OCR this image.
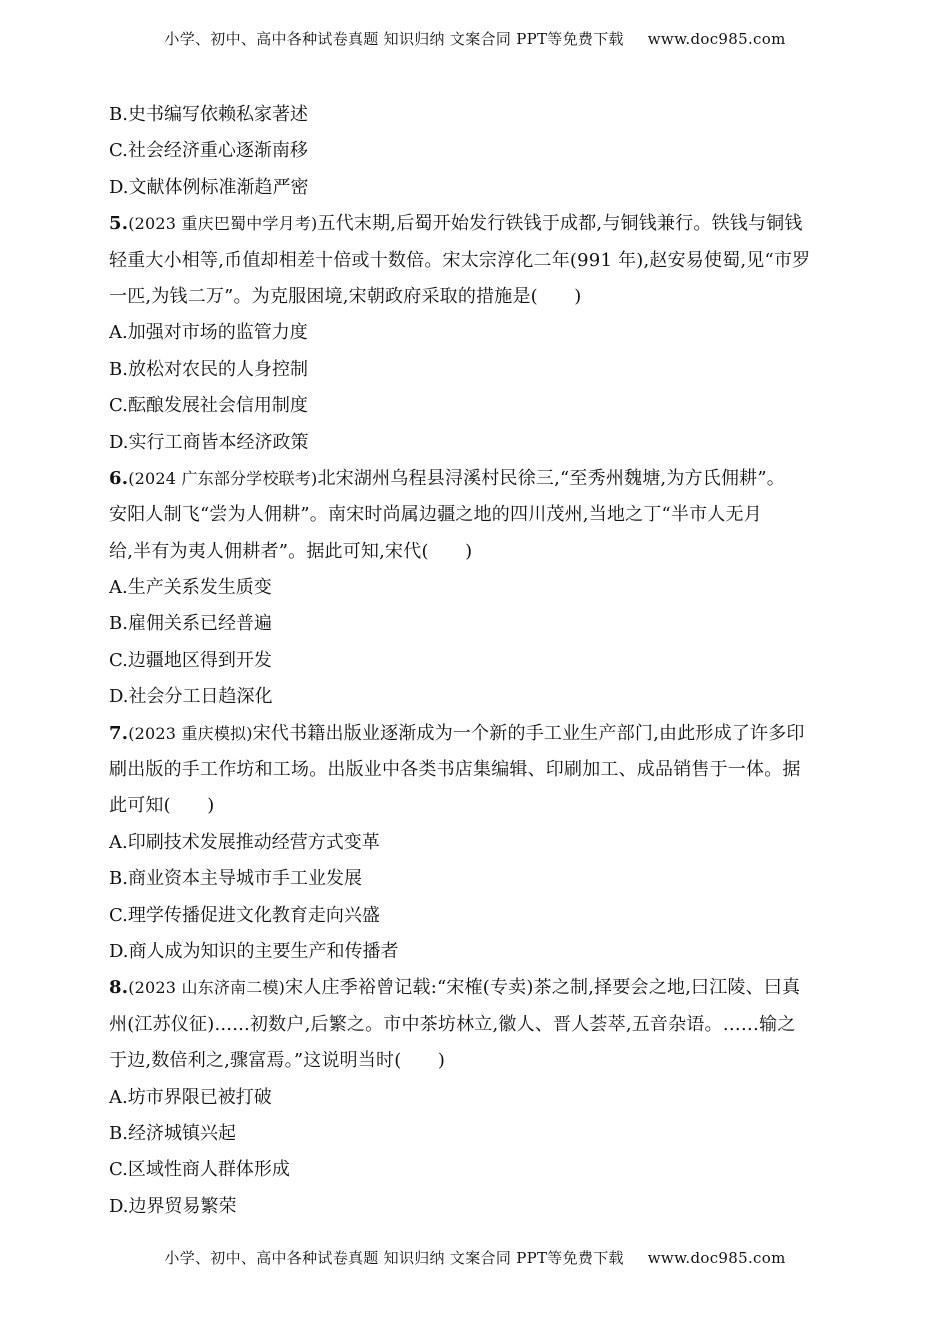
小学、初中、高中各种试卷真题 知识归纳 文案合同 PPT等免费下载 www.doc985.com
B.史书编写依赖私家著述
C.社会经济重心逐渐南移
D.文献体例标准渐趋严密
5.(2023 重庆巴蜀中学月考)五代末期,后蜀开始发行铁钱于成都,与铜钱兼行。铁钱与铜钱
轻重大小相等,币值却相差十倍或十数倍。宋太宗淳化二年(991 年),赵安易使蜀,见“市罗
一匹,为钱二万”。为克服困境,宋朝政府采取的措施是(　　)
A.加强对市场的监管力度
B.放松对农民的人身控制
C.酝酿发展社会信用制度
D.实行工商皆本经济政策
6.(2024 广东部分学校联考)北宋湖州乌程县浔溪村民徐三,“至秀州魏塘,为方氏佣耕”。
安阳人制飞“尝为人佣耕”。南宋时尚属边疆之地的四川茂州,当地之丁“半市人无月
给,半有为夷人佣耕者”。据此可知,宋代(　　)
A.生产关系发生质变
B.雇佣关系已经普遍
C.边疆地区得到开发
D.社会分工日趋深化
7.(2023 重庆模拟)宋代书籍出版业逐渐成为一个新的手工业生产部门,由此形成了许多印
刷出版的手工作坊和工场。出版业中各类书店集编辑、印刷加工、成品销售于一体。据
此可知(　　)
A.印刷技术发展推动经营方式变革
B.商业资本主导城市手工业发展
C.理学传播促进文化教育走向兴盛
D.商人成为知识的主要生产和传播者
8.(2023 山东济南二模)宋人庄季裕曾记载:“宋榷(专卖)茶之制,择要会之地,曰江陵、曰真
州(江苏仪征)......初数户,后繁之。市中茶坊林立,徽人、晋人荟萃,五音杂语。……输之
于边,数倍利之,骤富焉。”这说明当时(　　)
A.坊市界限已被打破
B.经济城镇兴起
C.区域性商人群体形成
D.边界贸易繁荣
小学、初中、高中各种试卷真题 知识归纳 文案合同 PPT等免费下载 www.doc985.com
